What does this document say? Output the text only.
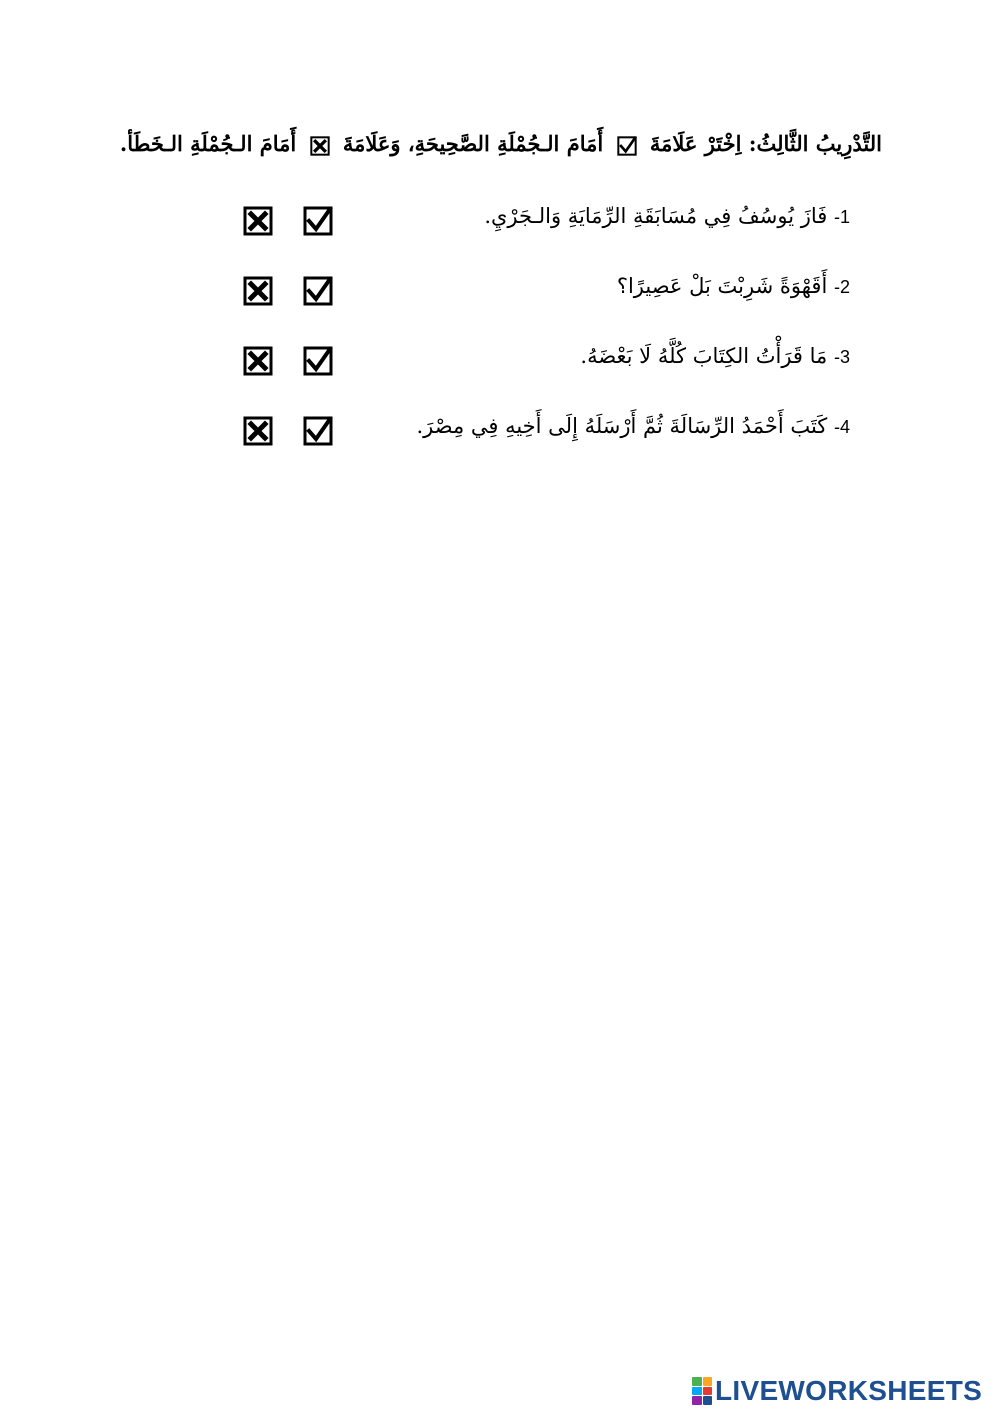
التَّدْرِيبُ الثَّالِثُ: اِخْتَرْ عَلَامَةَ
أَمَامَ الـجُمْلَةِ الصَّحِيحَةِ، وَعَلَامَةَ
أَمَامَ الـجُمْلَةِ الـخَطَأ.
1- فَازَ يُوسُفُ فِي مُسَابَقَةِ الرِّمَايَةِ وَالـجَرْيِ.
2- أَقَهْوَةً شَرِبْتَ بَلْ عَصِيرًا؟
3- مَا قَرَأْتُ الكِتَابَ كُلَّهُ لَا بَعْضَهُ.
4- كَتَبَ أَحْمَدُ الرِّسَالَةَ ثُمَّ أَرْسَلَهُ إِلَى أَخِيهِ فِي مِصْرَ.
LIVEWORKSHEETS
